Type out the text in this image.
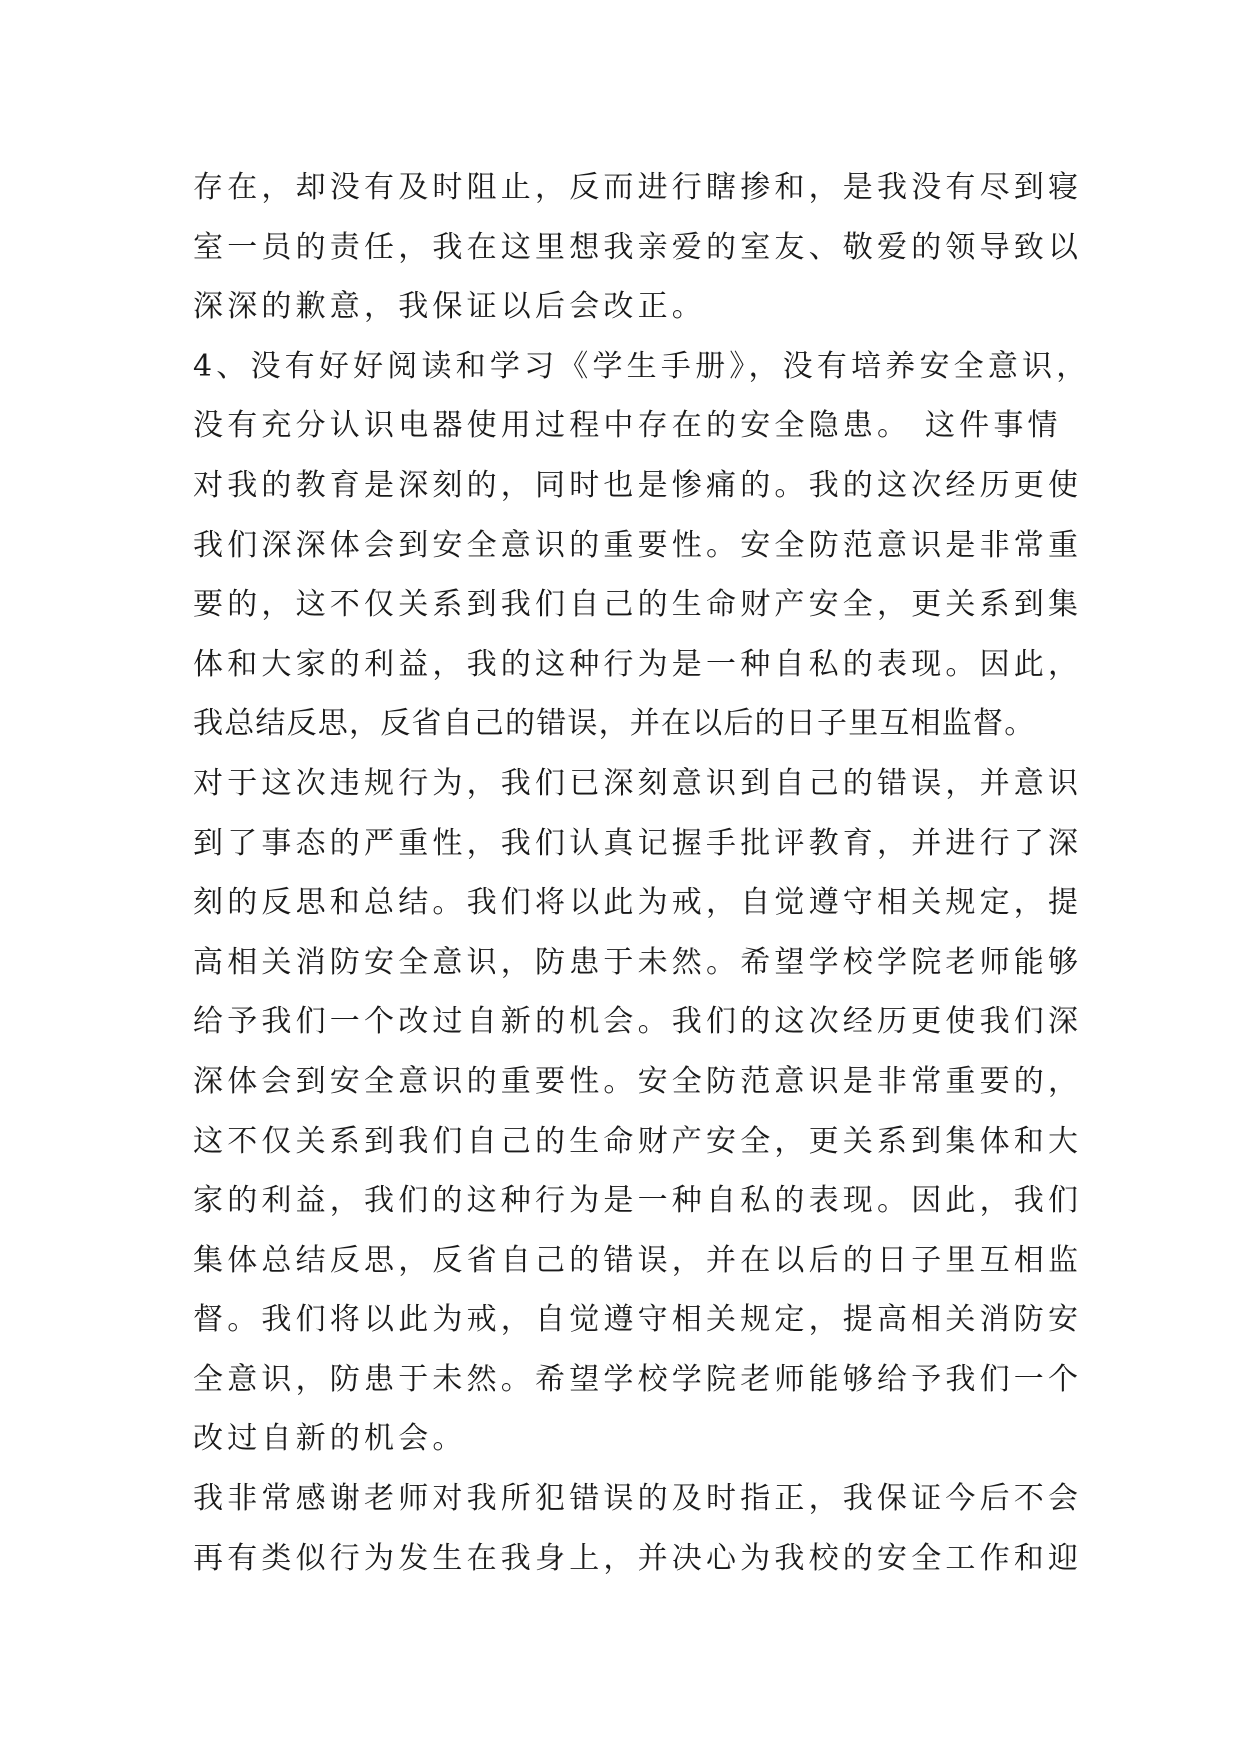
存在，却没有及时阻止，反而进行瞎掺和，是我没有尽到寝
室一员的责任，我在这里想我亲爱的室友、敬爱的领导致以
深深的歉意，我保证以后会改正。
4、没有好好阅读和学习《学生手册》，没有培养安全意识，
没有充分认识电器使用过程中存在的安全隐患。 这件事情
对我的教育是深刻的，同时也是惨痛的。我的这次经历更使
我们深深体会到安全意识的重要性。安全防范意识是非常重
要的，这不仅关系到我们自己的生命财产安全，更关系到集
体和大家的利益，我的这种行为是一种自私的表现。因此，
我总结反思，反省自己的错误，并在以后的日子里互相监督。
对于这次违规行为，我们已深刻意识到自己的错误，并意识
到了事态的严重性，我们认真记握手批评教育，并进行了深
刻的反思和总结。我们将以此为戒，自觉遵守相关规定，提
高相关消防安全意识，防患于未然。希望学校学院老师能够
给予我们一个改过自新的机会。我们的这次经历更使我们深
深体会到安全意识的重要性。安全防范意识是非常重要的，
这不仅关系到我们自己的生命财产安全，更关系到集体和大
家的利益，我们的这种行为是一种自私的表现。因此，我们
集体总结反思，反省自己的错误，并在以后的日子里互相监
督。我们将以此为戒，自觉遵守相关规定，提高相关消防安
全意识，防患于未然。希望学校学院老师能够给予我们一个
改过自新的机会。
我非常感谢老师对我所犯错误的及时指正，我保证今后不会
再有类似行为发生在我身上，并决心为我校的安全工作和迎
